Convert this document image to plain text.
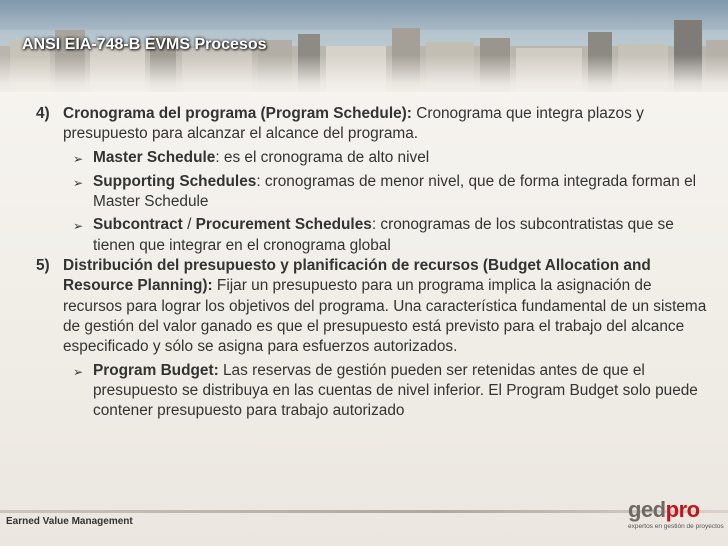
ANSI EIA-748-B EVMS Procesos
4) Cronograma del programa (Program Schedule): Cronograma que integra plazos y presupuesto para alcanzar el alcance del programa.
➢ Master Schedule: es el cronograma de alto nivel
➢ Supporting Schedules: cronogramas de menor nivel, que de forma integrada forman el Master Schedule
➢ Subcontract / Procurement Schedules: cronogramas de los subcontratistas que se tienen que integrar en el cronograma global
5) Distribución del presupuesto y planificación de recursos (Budget Allocation and Resource Planning): Fijar un presupuesto para un programa implica la asignación de recursos para lograr los objetivos del programa. Una característica fundamental de un sistema de gestión del valor ganado es que el presupuesto está previsto para el trabajo del alcance especificado y sólo se asigna para esfuerzos autorizados.
➢ Program Budget: Las reservas de gestión pueden ser retenidas antes de que el presupuesto se distribuya en las cuentas de nivel inferior. El Program Budget solo puede contener presupuesto para trabajo autorizado
Earned Value Management	gedpro
expertos en gestión de proyectos
